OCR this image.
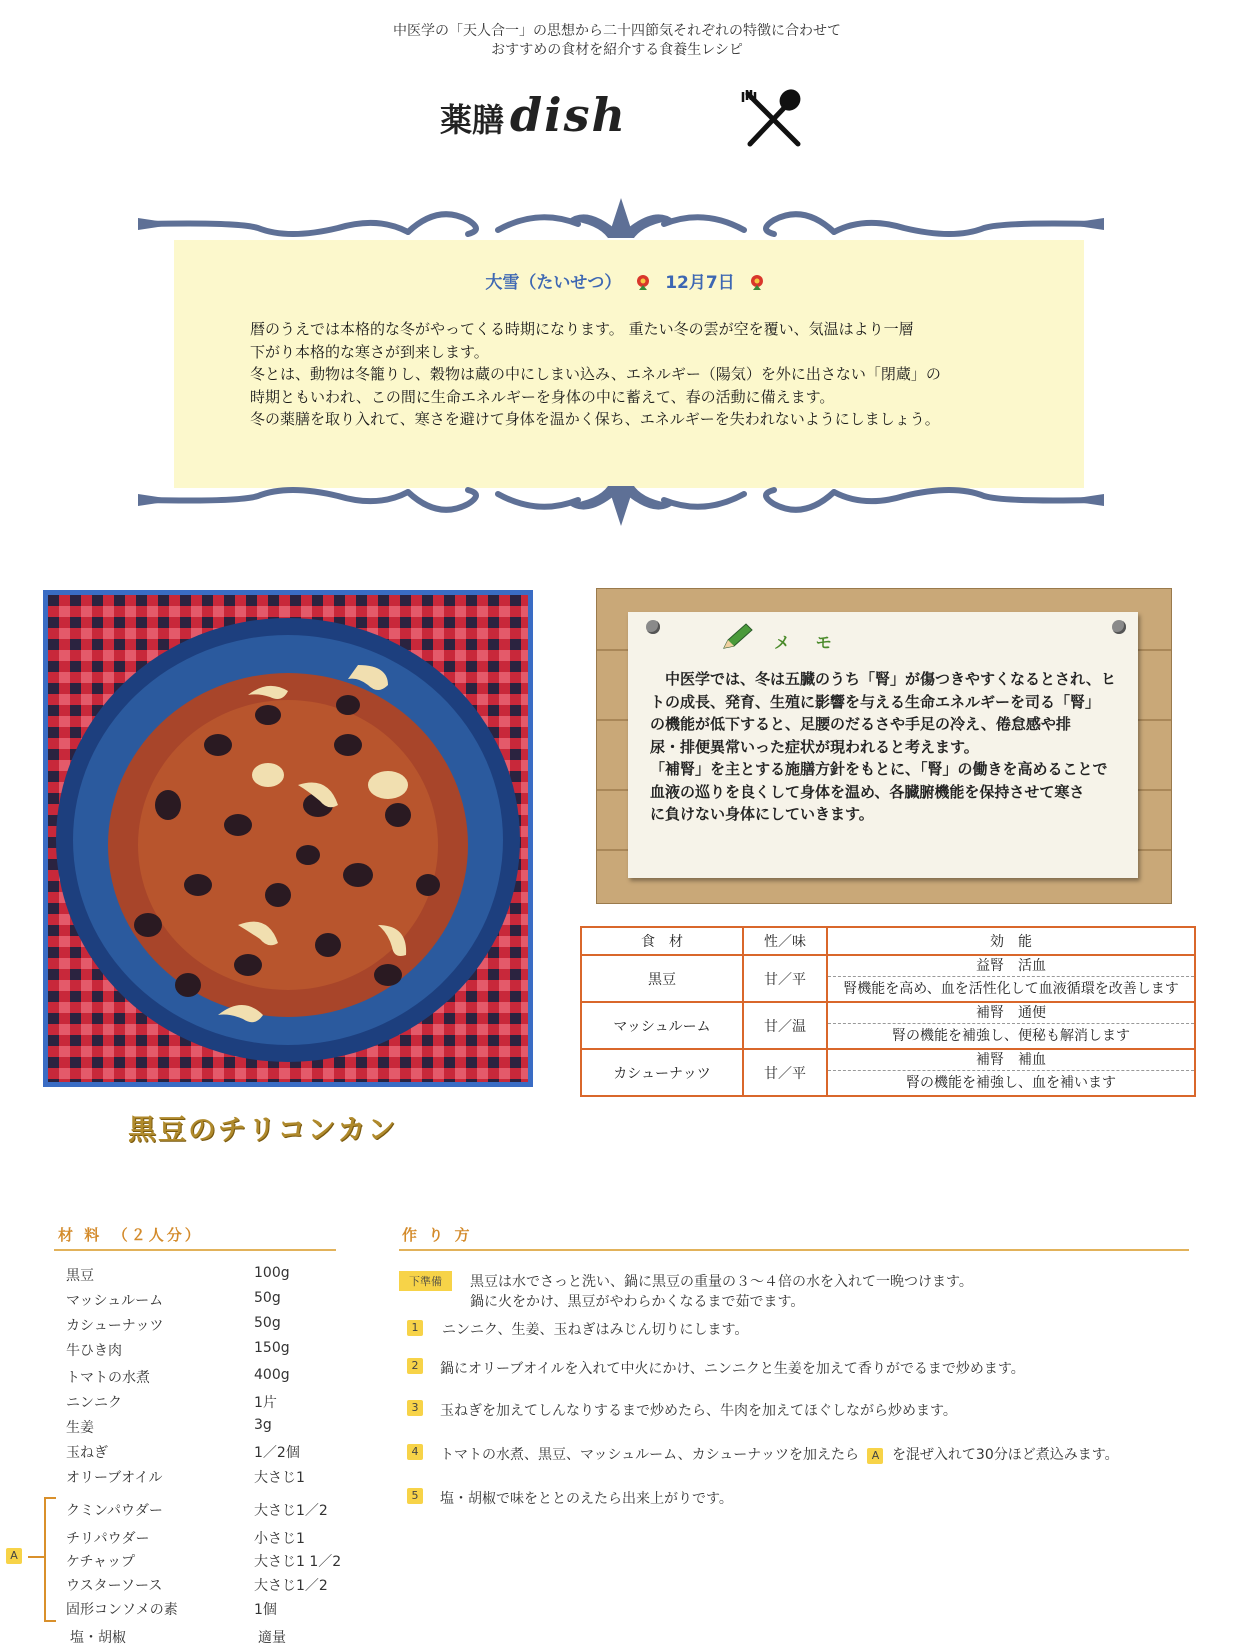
中医学の「天人合一」の思想から二十四節気それぞれの特徴に合わせて
おすすめの食材を紹介する食養生レシピ
薬膳 dish
大雪（たいせつ）	12月7日
暦のうえでは本格的な冬がやってくる時期になります。 重たい冬の雲が空を覆い、気温はより一層
下がり本格的な寒さが到来します。
冬とは、動物は冬籠りし、穀物は蔵の中にしまい込み、エネルギー（陽気）を外に出さない「閉蔵」の
時期ともいわれ、この間に生命エネルギーを身体の中に蓄えて、春の活動に備えます。
冬の薬膳を取り入れて、寒さを避けて身体を温かく保ち、エネルギーを失われないようにしましょう。
黒豆のチリコンカン
メ モ
　中医学では、冬は五臓のうち「腎」が傷つきやすくなるとされ、ヒ
トの成長、発育、生殖に影響を与える生命エネルギーを司る「腎」
の機能が低下すると、足腰のだるさや手足の冷え、倦怠感や排
尿・排便異常いった症状が現われると考えます。
「補腎」を主とする施膳方針をもとに、「腎」の働きを高めることで
血液の巡りを良くして身体を温め、各臓腑機能を保持させて寒さ
に負けない身体にしていきます。
食　材	性／味	効　能
黒豆	甘／平	益腎　活血
腎機能を高め、血を活性化して血液循環を改善します

マッシュルーム	甘／温	補腎　通便
腎の機能を補強し、便秘も解消します

カシューナッツ	甘／平	補腎　補血
腎の機能を補強し、血を補います
材 料　（２人分）
黒豆	100g
マッシュルーム	50g
カシューナッツ	50g
牛ひき肉	150g
トマトの水煮	400g
ニンニク	1片
生姜	3g
玉ねぎ	1／2個
オリーブオイル	大さじ1
A
クミンパウダー	大さじ1／2
チリパウダー	小さじ1
ケチャップ	大さじ1 1／2
ウスターソース	大さじ1／2
固形コンソメの素	1個
塩・胡椒	適量
作 り 方
下準備	黒豆は水でさっと洗い、鍋に黒豆の重量の３～４倍の水を入れて一晩つけます。
鍋に火をかけ、黒豆がやわらかくなるまで茹でます。
1	ニンニク、生姜、玉ねぎはみじん切りにします。
2	鍋にオリーブオイルを入れて中火にかけ、ニンニクと生姜を加えて香りがでるまで炒めます。
3	玉ねぎを加えてしんなりするまで炒めたら、牛肉を加えてほぐしながら炒めます。
4	トマトの水煮、黒豆、マッシュルーム、カシューナッツを加えたら A を混ぜ入れて30分ほど煮込みます。
5	塩・胡椒で味をととのえたら出来上がりです。
